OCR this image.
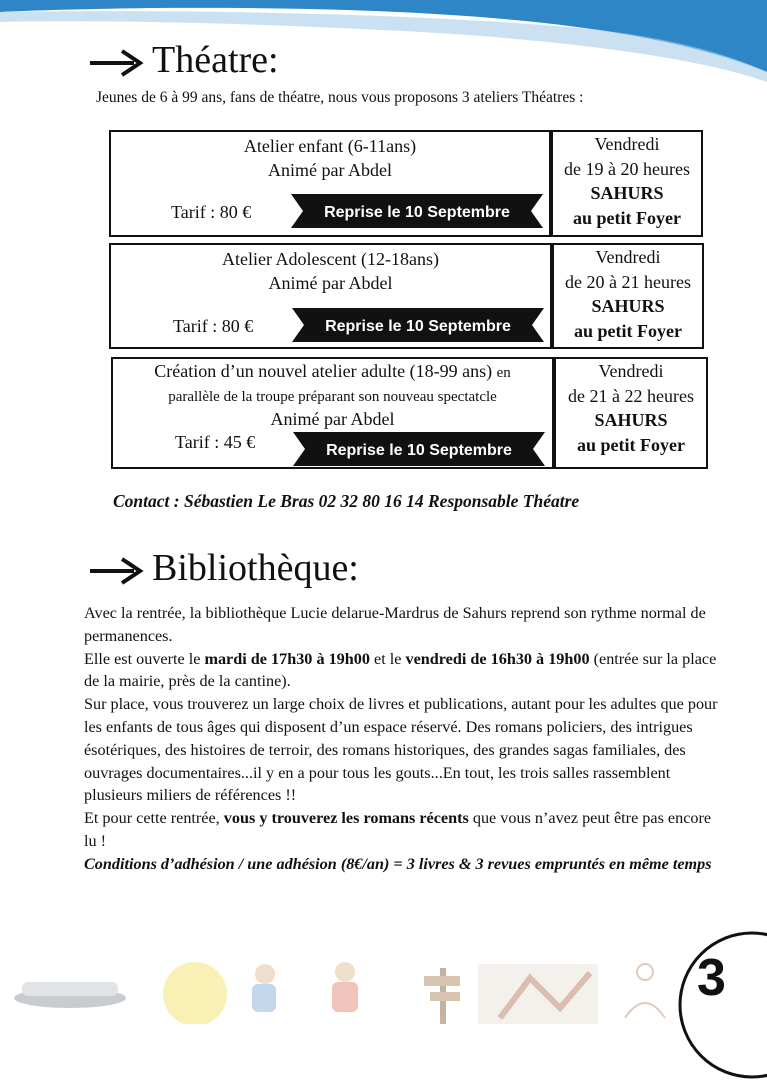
Théatre:
Jeunes de 6 à 99 ans, fans de théatre, nous vous proposons 3 ateliers Théatres :
Atelier enfant (6-11ans)
Animé par Abdel
Tarif : 80 €	Reprise le 10 Septembre
Vendredi
de 19 à 20 heures
SAHURS
au petit Foyer
Atelier Adolescent (12-18ans)
Animé par Abdel
Tarif : 80 €	Reprise le 10 Septembre
Vendredi
de 20 à 21 heures
SAHURS
au petit Foyer
Création d’un nouvel atelier adulte (18-99 ans) en
parallèle de la troupe préparant son nouveau spectatcle
Animé par Abdel
Tarif : 45 €	Reprise le 10 Septembre
Vendredi
de 21 à 22 heures
SAHURS
au petit Foyer
Contact : Sébastien Le Bras 02 32 80 16 14 Responsable Théatre
Bibliothèque:

Avec la rentrée, la bibliothèque Lucie delarue-Mardrus de Sahurs reprend son rythme normal de permanences.

Elle est ouverte le mardi de 17h30 à 19h00 et le vendredi de 16h30 à 19h00 (entrée sur la place de la mairie, près de la cantine).

Sur place, vous trouverez un large choix de livres et publications, autant pour les adultes que pour les enfants de tous âges qui disposent d’un espace réservé. Des romans policiers, des intrigues ésotériques, des histoires de terroir, des romans historiques, des grandes sagas familiales, des ouvrages documentaires...il y en a pour tous les gouts...En tout, les trois salles rassemblent plusieurs miliers de références !!

Et pour cette rentrée, vous y trouverez les romans récents que vous n’avez peut être pas encore lu !

Conditions d’adhésion / une adhésion (8€/an) = 3 livres & 3 revues empruntés en même temps

3
